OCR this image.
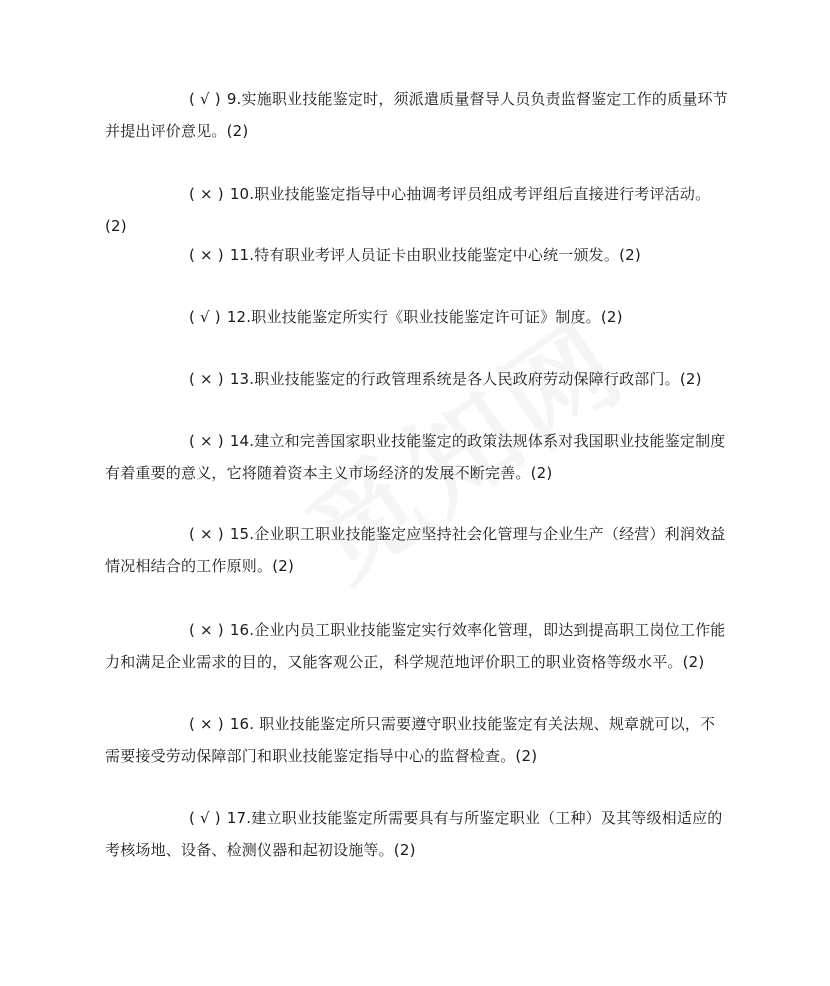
( √ ) 9.实施职业技能鉴定时，须派遣质量督导人员负责监督鉴定工作的质量环节并提出评价意见。(2)
( × ) 10.职业技能鉴定指导中心抽调考评员组成考评组后直接进行考评活动。(2)
( × ) 11.特有职业考评人员证卡由职业技能鉴定中心统一颁发。(2)
( √ ) 12.职业技能鉴定所实行《职业技能鉴定许可证》制度。(2)
( × ) 13.职业技能鉴定的行政管理系统是各人民政府劳动保障行政部门。(2)
( × ) 14.建立和完善国家职业技能鉴定的政策法规体系对我国职业技能鉴定制度有着重要的意义，它将随着资本主义市场经济的发展不断完善。(2)
( × ) 15.企业职工职业技能鉴定应坚持社会化管理与企业生产（经营）利润效益情况相结合的工作原则。(2)
( × ) 16.企业内员工职业技能鉴定实行效率化管理，即达到提高职工岗位工作能力和满足企业需求的目的，又能客观公正，科学规范地评价职工的职业资格等级水平。(2)
( × ) 16. 职业技能鉴定所只需要遵守职业技能鉴定有关法规、规章就可以，不需要接受劳动保障部门和职业技能鉴定指导中心的监督检查。(2)
( √ ) 17.建立职业技能鉴定所需要具有与所鉴定职业（工种）及其等级相适应的考核场地、设备、检测仪器和起初设施等。(2)
